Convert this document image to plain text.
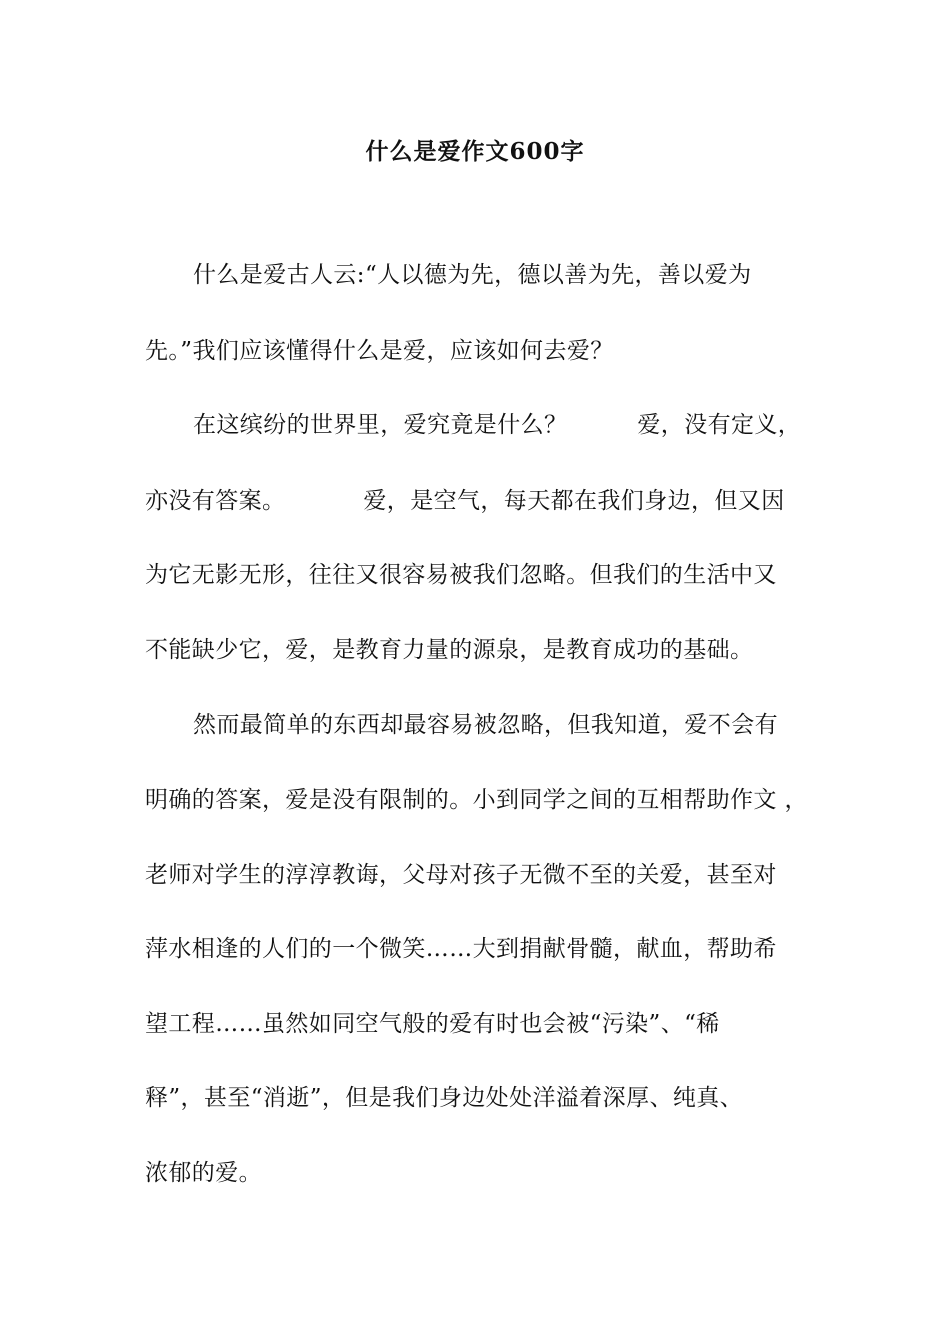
什么是爱作文600字
什么是爱古人云:“人以德为先，德以善为先，善以爱为
先。”我们应该懂得什么是爱，应该如何去爱？
在这缤纷的世界里，爱究竟是什么？	爱，没有定义，
亦没有答案。	爱，是空气，每天都在我们身边，但又因
为它无影无形，往往又很容易被我们忽略。但我们的生活中又
不能缺少它，爱，是教育力量的源泉，是教育成功的基础。
然而最简单的东西却最容易被忽略，但我知道，爱不会有
明确的答案，爱是没有限制的。小到同学之间的互相帮助作文 ，
老师对学生的淳淳教诲，父母对孩子无微不至的关爱，甚至对
萍水相逢的人们的一个微笑……大到捐献骨髓，献血，帮助希
望工程……虽然如同空气般的爱有时也会被“污染”、“稀
释”，甚至“消逝”，但是我们身边处处洋溢着深厚、纯真、
浓郁的爱。
